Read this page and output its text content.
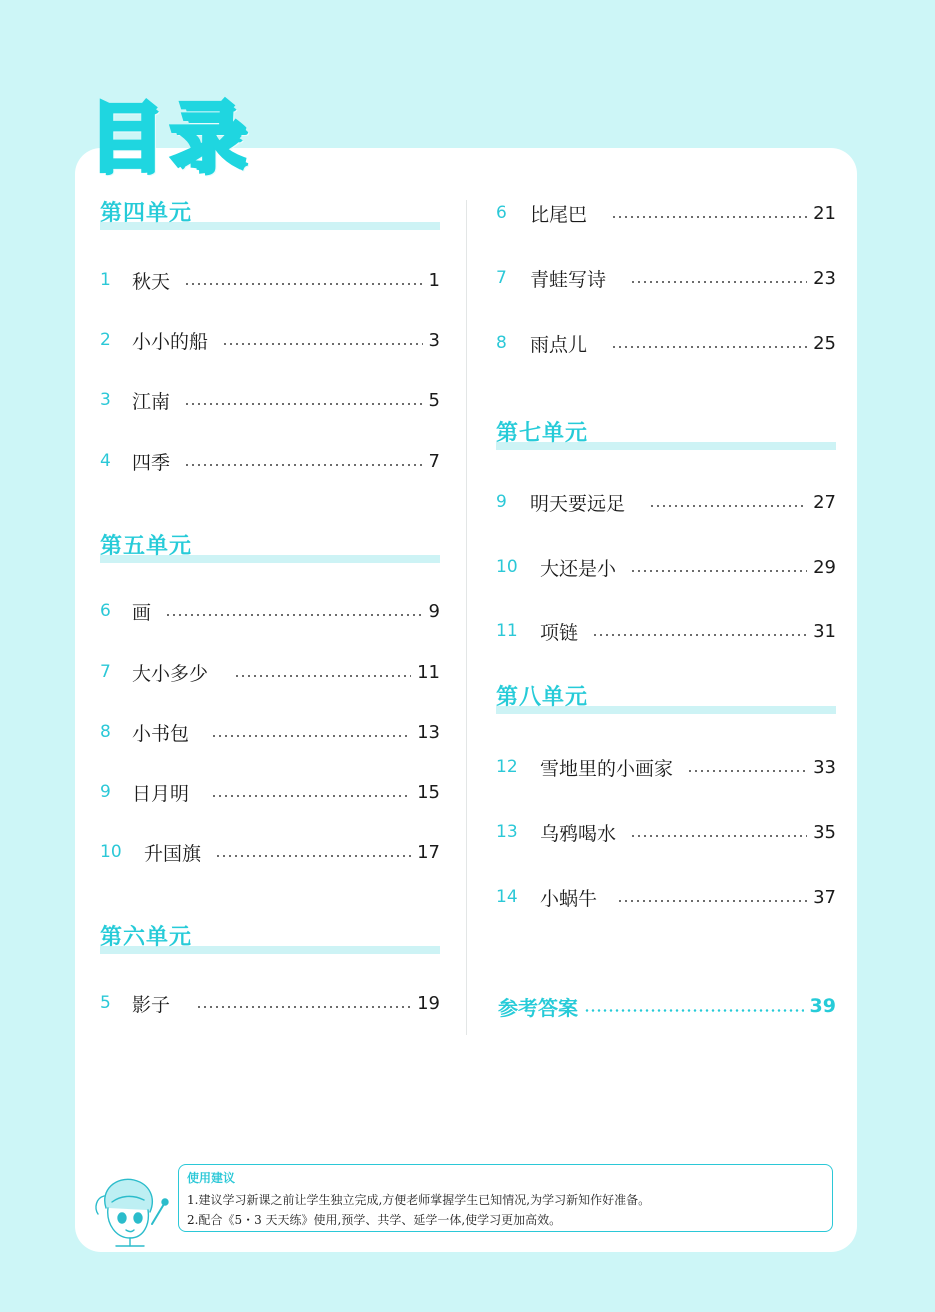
目录
第四单元
1	秋天	1
2	小小的船	3
3	江南	5
4	四季	7
第五单元
6	画	9
7	大小多少	11
8	小书包	13
9	日月明	15
10	升国旗	17
第六单元
5	影子	19
6	比尾巴	21
7	青蛙写诗	23
8	雨点儿	25
第七单元
9	明天要远足	27
10	大还是小	29
11	项链	31
第八单元
12	雪地里的小画家	33
13	乌鸦喝水	35
14	小蜗牛	37
参考答案	39
使用建议
1.建议学习新课之前让学生独立完成,方便老师掌握学生已知情况,为学习新知作好准备。
2.配合《5・3 天天练》使用,预学、共学、延学一体,使学习更加高效。
